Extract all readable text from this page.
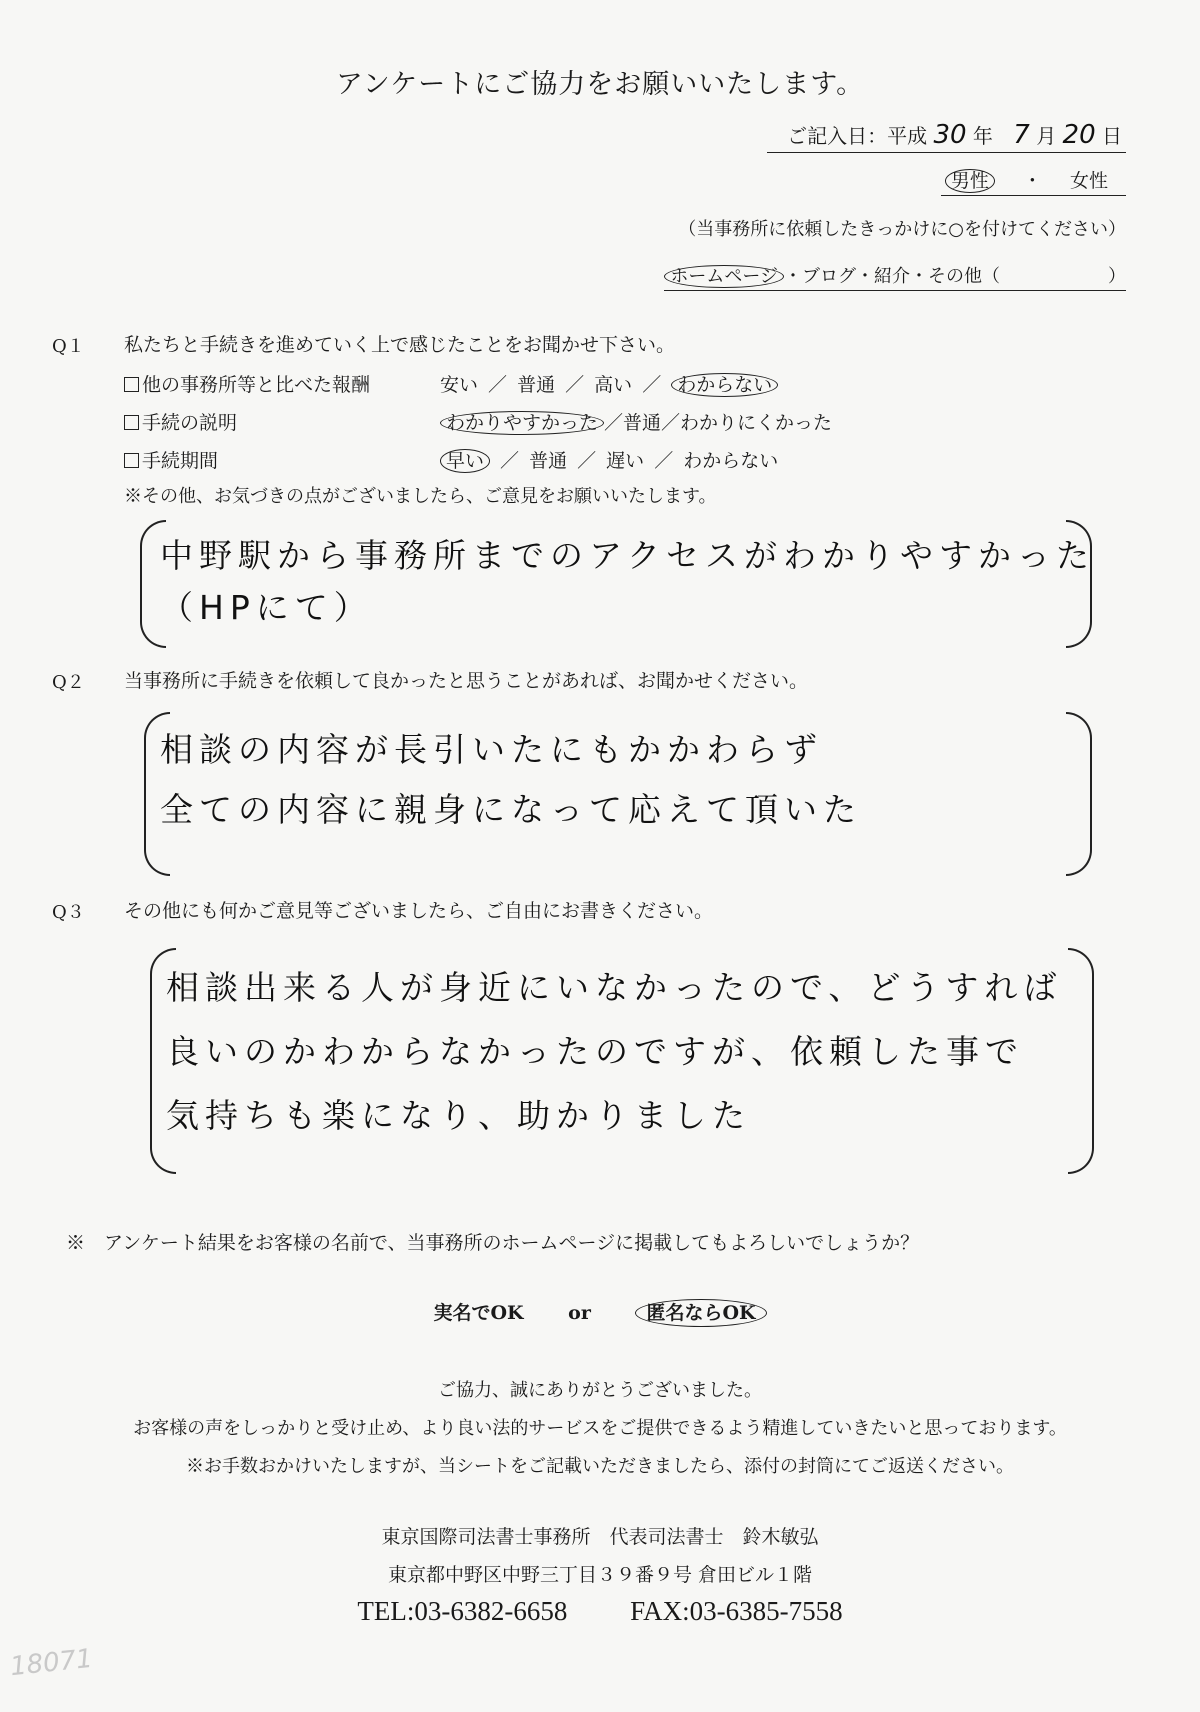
アンケートにご協力をお願いいたします。
ご記入日：平成 30 年 7 月 20 日
男性 ・ 女性
（当事務所に依頼したきっかけに○を付けてください）
ホームページ ・ブログ・紹介・その他（　　　　　　）
Q１ 私たちと手続きを進めていく上で感じたことをお聞かせ下さい。
他の事務所等と比べた報酬	安い ／ 普通 ／ 高い ／ わからない
手続の説明	わかりやすかった ／普通／わかりにくかった
手続期間	早い ／ 普通 ／ 遅い ／ わからない
※その他、お気づきの点がございましたら、ご意見をお願いいたします。
中野駅から事務所までのアクセスがわかりやすかった
（HPにて）
Q２ 当事務所に手続きを依頼して良かったと思うことがあれば、お聞かせください。
相談の内容が長引いたにもかかわらず
全ての内容に親身になって応えて頂いた
Q３ その他にも何かご意見等ございましたら、ご自由にお書きください。
相談出来る人が身近にいなかったので、どうすれば
良いのかわからなかったのですが、依頼した事で
気持ちも楽になり、助かりました
※　アンケート結果をお客様の名前で、当事務所のホームページに掲載してもよろしいでしょうか？
実名でOK or	匿名ならOK
ご協力、誠にありがとうございました。
お客様の声をしっかりと受け止め、より良い法的サービスをご提供できるよう精進していきたいと思っております。
※お手数おかけいたしますが、当シートをご記載いただきましたら、添付の封筒にてご返送ください。
東京国際司法書士事務所　代表司法書士　鈴木敏弘
東京都中野区中野三丁目３９番９号 倉田ビル１階
TEL:03-6382-6658 FAX:03-6385-7558
18071
